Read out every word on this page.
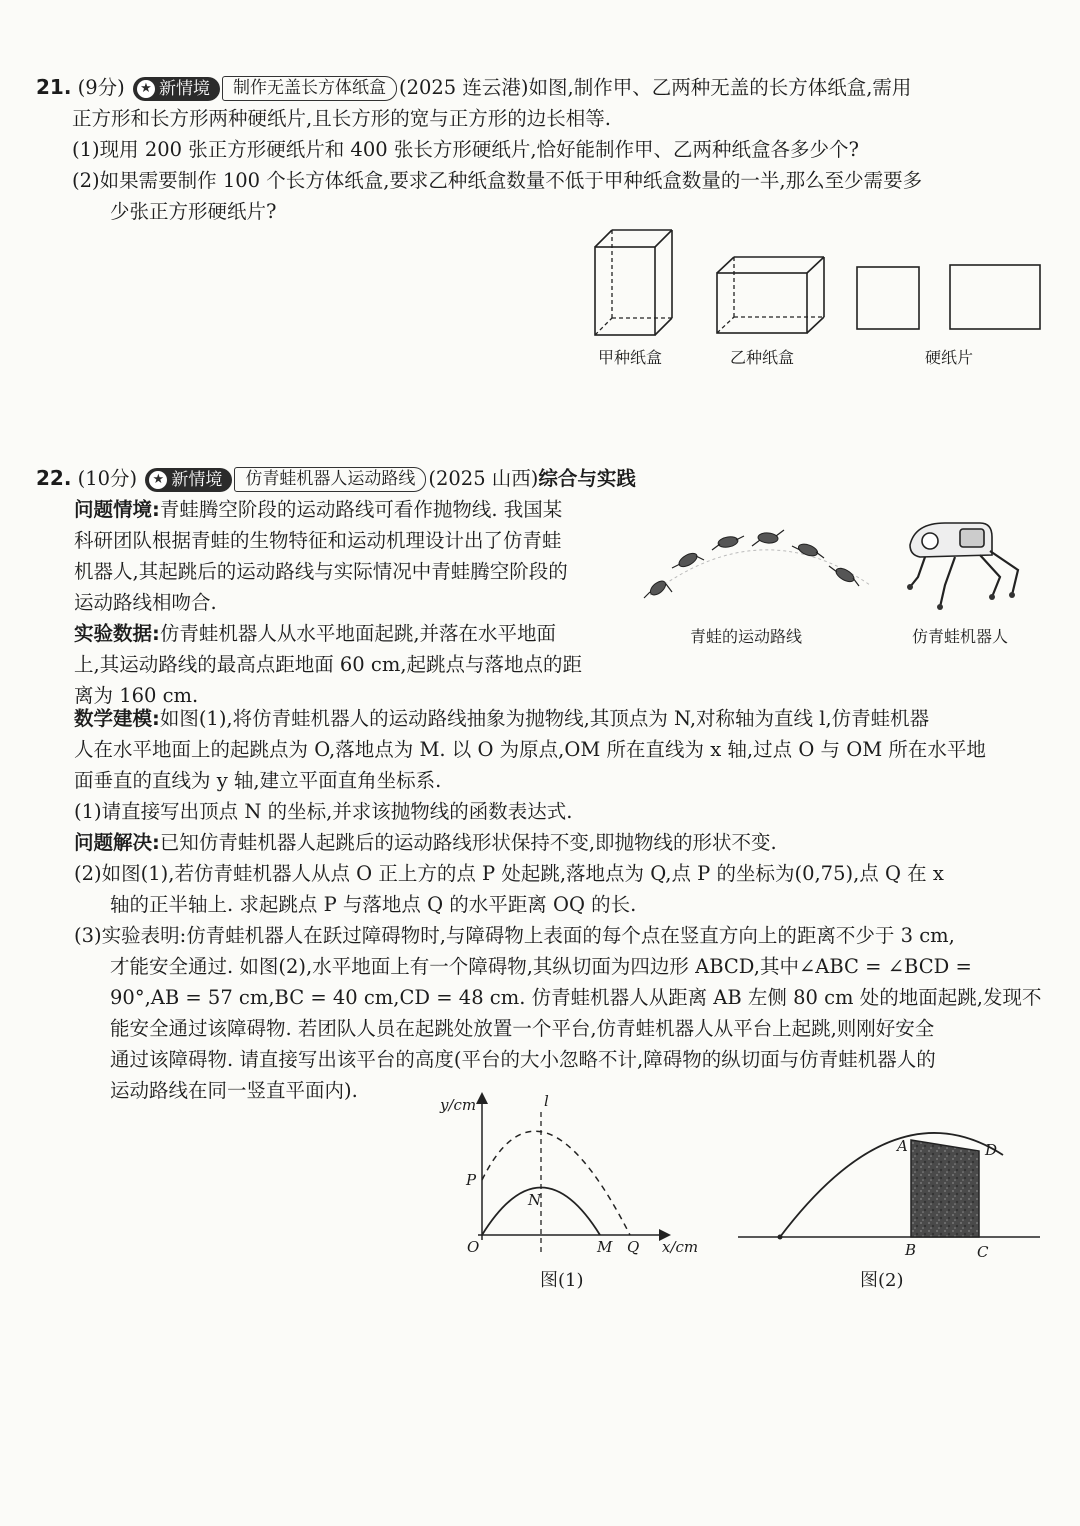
21. (9分) ★ 新情境 制作无盖长方体纸盒 (2025 连云港)如图,制作甲、乙两种无盖的长方体纸盒,需用
正方形和长方形两种硬纸片,且长方形的宽与正方形的边长相等.
(1)现用 200 张正方形硬纸片和 400 张长方形硬纸片,恰好能制作甲、乙两种纸盒各多少个?
(2)如果需要制作 100 个长方体纸盒,要求乙种纸盒数量不低于甲种纸盒数量的一半,那么至少需要多
少张正方形硬纸片?
甲种纸盒	乙种纸盒	硬纸片
22. (10分) ★ 新情境 仿青蛙机器人运动路线 (2025 山西)综合与实践
问题情境:青蛙腾空阶段的运动路线可看作抛物线. 我国某
科研团队根据青蛙的生物特征和运动机理设计出了仿青蛙
机器人,其起跳后的运动路线与实际情况中青蛙腾空阶段的
运动路线相吻合.
实验数据:仿青蛙机器人从水平地面起跳,并落在水平地面
上,其运动路线的最高点距地面 60 cm,起跳点与落地点的距
离为 160 cm.
青蛙的运动路线	仿青蛙机器人
数学建模:如图(1),将仿青蛙机器人的运动路线抽象为抛物线,其顶点为 N,对称轴为直线 l,仿青蛙机器
人在水平地面上的起跳点为 O,落地点为 M. 以 O 为原点,OM 所在直线为 x 轴,过点 O 与 OM 所在水平地
面垂直的直线为 y 轴,建立平面直角坐标系.
(1)请直接写出顶点 N 的坐标,并求该抛物线的函数表达式.
问题解决:已知仿青蛙机器人起跳后的运动路线形状保持不变,即抛物线的形状不变.
(2)如图(1),若仿青蛙机器人从点 O 正上方的点 P 处起跳,落地点为 Q,点 P 的坐标为(0,75),点 Q 在 x
轴的正半轴上. 求起跳点 P 与落地点 Q 的水平距离 OQ 的长.
(3)实验表明:仿青蛙机器人在跃过障碍物时,与障碍物上表面的每个点在竖直方向上的距离不少于 3 cm,
才能安全通过. 如图(2),水平地面上有一个障碍物,其纵切面为四边形 ABCD,其中∠ABC = ∠BCD =
90°,AB = 57 cm,BC = 40 cm,CD = 48 cm. 仿青蛙机器人从距离 AB 左侧 80 cm 处的地面起跳,发现不
能安全通过该障碍物. 若团队人员在起跳处放置一个平台,仿青蛙机器人从平台上起跳,则刚好安全
通过该障碍物. 请直接写出该平台的高度(平台的大小忽略不计,障碍物的纵切面与仿青蛙机器人的
运动路线在同一竖直平面内).
y/cm
x/cm
l
P
N
O	M Q
图(1)
A	D
B	C
图(2)
